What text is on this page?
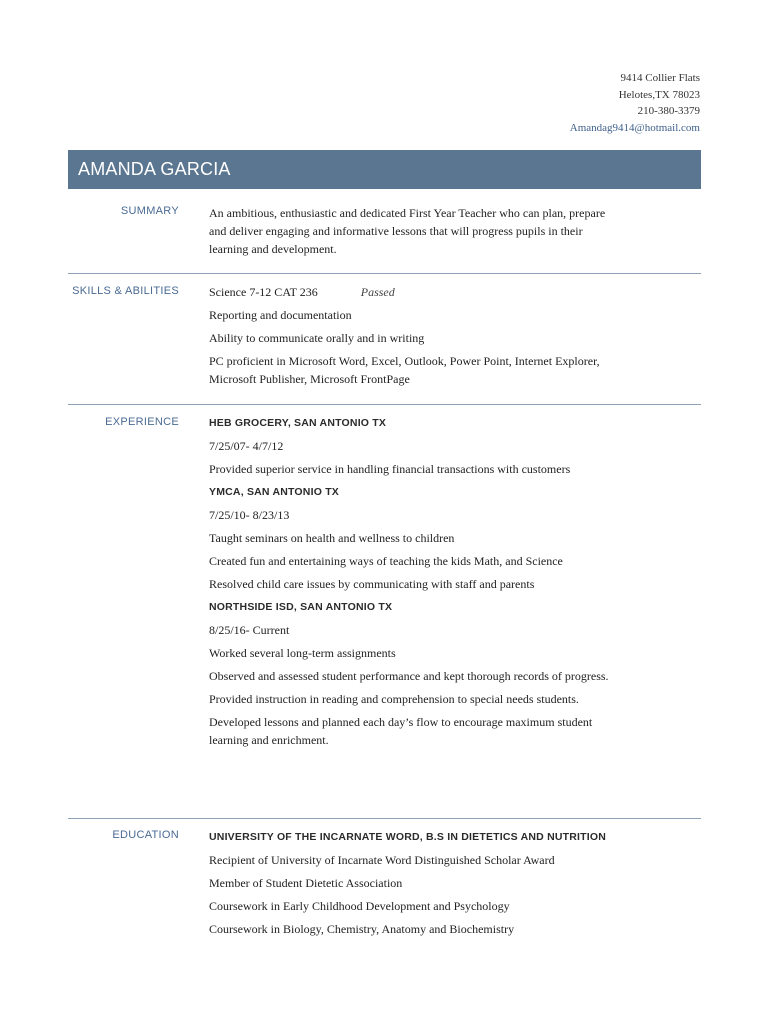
9414 Collier Flats
Helotes,TX 78023
210-380-3379
Amandag9414@hotmail.com
AMANDA GARCIA
SUMMARY	An ambitious, enthusiastic and dedicated First Year Teacher who can plan, prepare and deliver engaging and informative lessons that will progress pupils in their learning and development.

SKILLS & ABILITIES	Science 7-12 CAT 236	Passed

Reporting and documentation

Ability to communicate orally and in writing

PC proficient in Microsoft Word, Excel, Outlook, Power Point, Internet Explorer, Microsoft Publisher, Microsoft FrontPage

EXPERIENCE	HEB GROCERY, SAN ANTONIO TX

7/25/07- 4/7/12

Provided superior service in handling financial transactions with customers

YMCA, SAN ANTONIO TX

7/25/10- 8/23/13

Taught seminars on health and wellness to children

Created fun and entertaining ways of teaching the kids Math, and Science

Resolved child care issues by communicating with staff and parents

NORTHSIDE ISD, SAN ANTONIO TX

8/25/16- Current

Worked several long-term assignments

Observed and assessed student performance and kept thorough records of progress.

Provided instruction in reading and comprehension to special needs students.

Developed lessons and planned each day’s flow to encourage maximum student learning and enrichment.

EDUCATION	UNIVERSITY OF THE INCARNATE WORD, B.S IN DIETETICS AND NUTRITION

Recipient of University of Incarnate Word Distinguished Scholar Award

Member of Student Dietetic Association

Coursework in Early Childhood Development and Psychology

Coursework in Biology, Chemistry, Anatomy and Biochemistry
